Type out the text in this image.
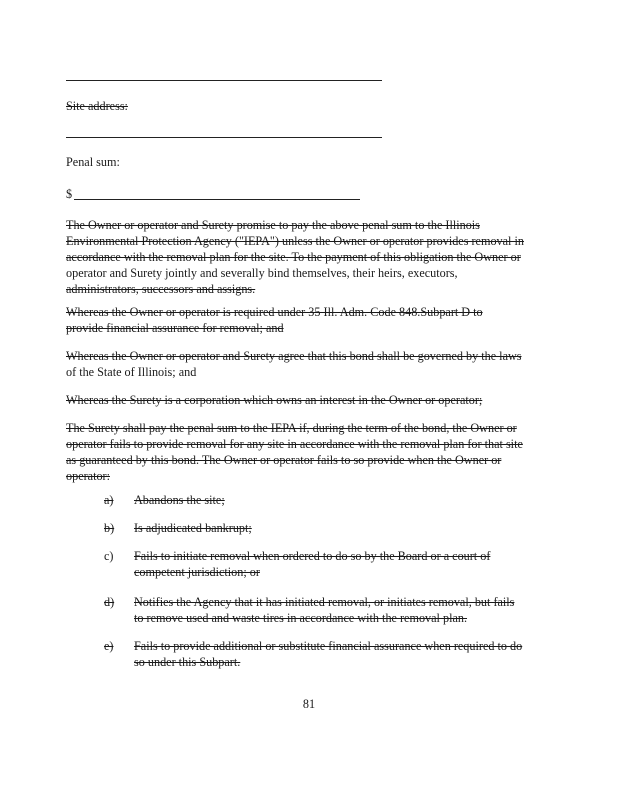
Site address:
Penal sum:
$
The Owner or operator and Surety promise to pay the above penal sum to the Illinois
Environmental Protection Agency ("IEPA") unless the Owner or operator provides removal in
accordance with the removal plan for the site. To the payment of this obligation the Owner or
operator and Surety jointly and severally bind themselves, their heirs, executors,
administrators, successors and assigns.
Whereas the Owner or operator is required under 35 Ill. Adm. Code 848.Subpart D to
provide financial assurance for removal; and
Whereas the Owner or operator and Surety agree that this bond shall be governed by the laws
of the State of Illinois; and
Whereas the Surety is a corporation which owns an interest in the Owner or operator;
The Surety shall pay the penal sum to the IEPA if, during the term of the bond, the Owner or
operator fails to provide removal for any site in accordance with the removal plan for that site
as guaranteed by this bond. The Owner or operator fails to so provide when the Owner or
operator:
a) Abandons the site;
b) Is adjudicated bankrupt;
c) Fails to initiate removal when ordered to do so by the Board or a court of
competent jurisdiction; or
d) Notifies the Agency that it has initiated removal, or initiates removal, but fails
to remove used and waste tires in accordance with the removal plan.
e) Fails to provide additional or substitute financial assurance when required to do
so under this Subpart.
81
